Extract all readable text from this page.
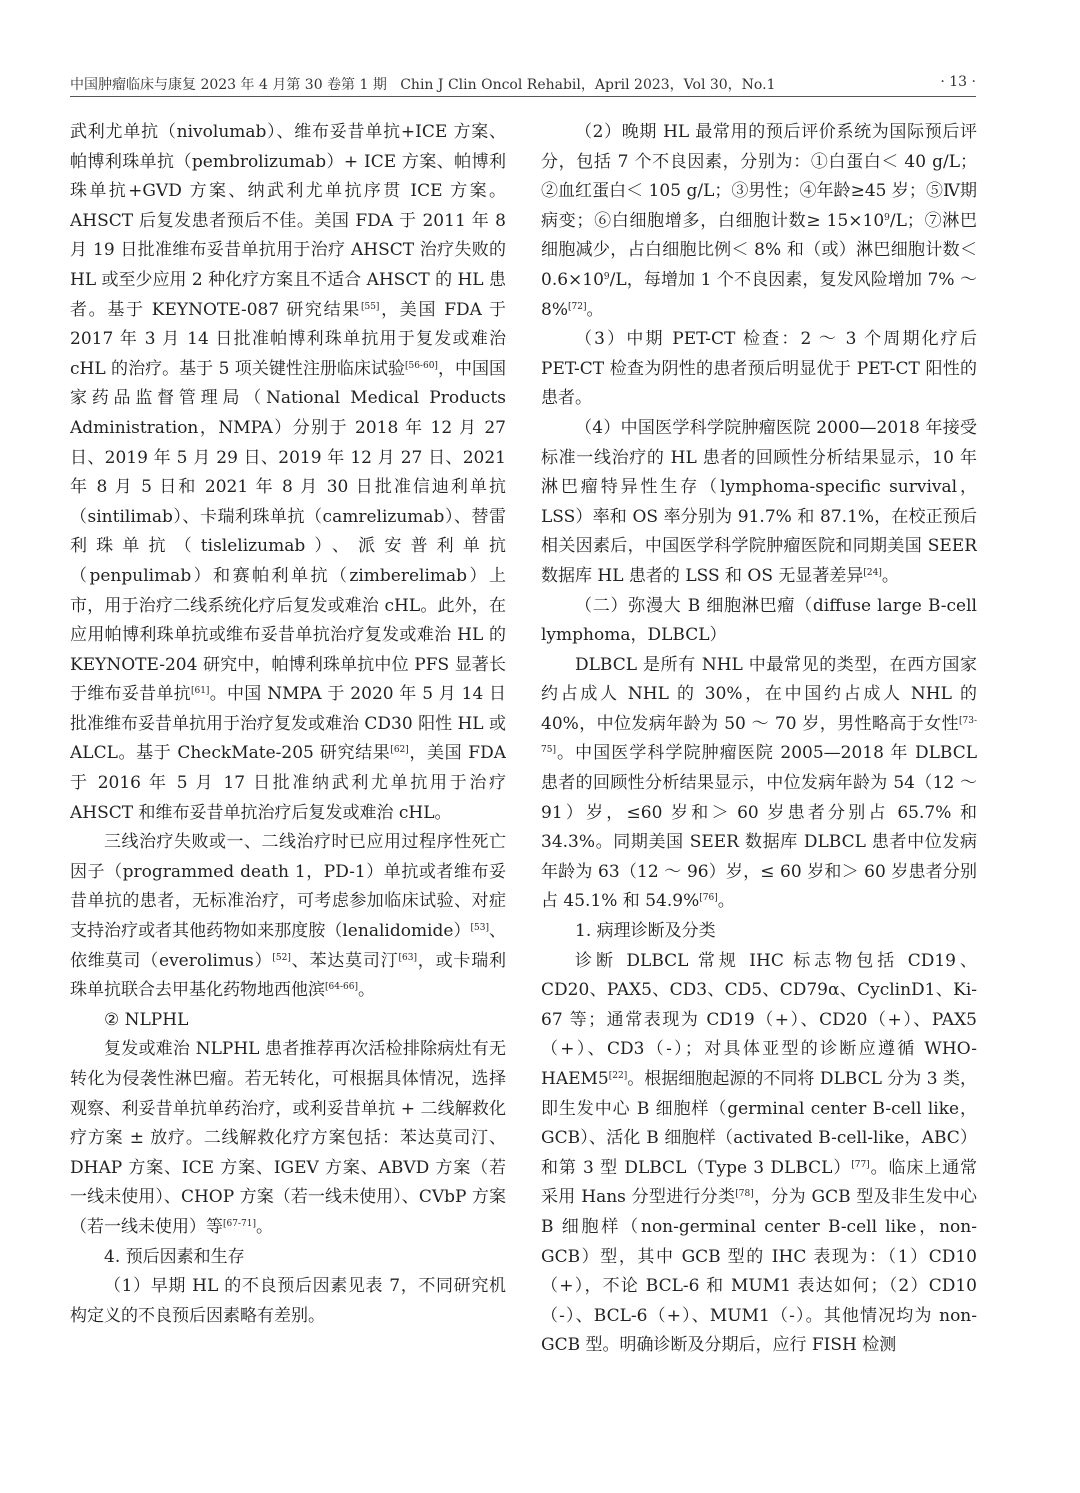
中国肿瘤临床与康复 2023 年 4 月第 30 卷第 1 期 Chin J Clin Oncol Rehabil，April 2023，Vol 30，No.1	· 13 ·

武利尤单抗（nivolumab）、维布妥昔单抗+ICE 方案、帕博利珠单抗（pembrolizumab）+ ICE 方案、帕博利珠单抗+GVD 方案、纳武利尤单抗序贯 ICE 方案。AHSCT 后复发患者预后不佳。美国 FDA 于 2011 年 8 月 19 日批准维布妥昔单抗用于治疗 AHSCT 治疗失败的 HL 或至少应用 2 种化疗方案且不适合 AHSCT 的 HL 患者。基于 KEYNOTE-087 研究结果[55]，美国 FDA 于 2017 年 3 月 14 日批准帕博利珠单抗用于复发或难治 cHL 的治疗。基于 5 项关键性注册临床试验[56-60]，中国国家药品监督管理局（National Medical Products Administration，NMPA）分别于 2018 年 12 月 27 日、2019 年 5 月 29 日、2019 年 12 月 27 日、2021 年 8 月 5 日和 2021 年 8 月 30 日批准信迪利单抗（sintilimab）、卡瑞利珠单抗（camrelizumab）、替雷利珠单抗（tislelizumab）、派安普利单抗（penpulimab）和赛帕利单抗（zimberelimab）上市，用于治疗二线系统化疗后复发或难治 cHL。此外，在应用帕博利珠单抗或维布妥昔单抗治疗复发或难治 HL 的 KEYNOTE-204 研究中，帕博利珠单抗中位 PFS 显著长于维布妥昔单抗[61]。中国 NMPA 于 2020 年 5 月 14 日批准维布妥昔单抗用于治疗复发或难治 CD30 阳性 HL 或 ALCL。基于 CheckMate-205 研究结果[62]，美国 FDA 于 2016 年 5 月 17 日批准纳武利尤单抗用于治疗 AHSCT 和维布妥昔单抗治疗后复发或难治 cHL。

三线治疗失败或一、二线治疗时已应用过程序性死亡因子（programmed death 1，PD-1）单抗或者维布妥昔单抗的患者，无标准治疗，可考虑参加临床试验、对症支持治疗或者其他药物如来那度胺（lenalidomide）[53]、依维莫司（everolimus）[52]、苯达莫司汀[63]，或卡瑞利珠单抗联合去甲基化药物地西他滨[64-66]。

② NLPHL

复发或难治 NLPHL 患者推荐再次活检排除病灶有无转化为侵袭性淋巴瘤。若无转化，可根据具体情况，选择观察、利妥昔单抗单药治疗，或利妥昔单抗 + 二线解救化疗方案 ± 放疗。二线解救化疗方案包括：苯达莫司汀、DHAP 方案、ICE 方案、IGEV 方案、ABVD 方案（若一线未使用）、CHOP 方案（若一线未使用）、CVbP 方案（若一线未使用）等[67-71]。

4. 预后因素和生存

（1）早期 HL 的不良预后因素见表 7，不同研究机构定义的不良预后因素略有差别。

（2）晚期 HL 最常用的预后评价系统为国际预后评分，包括 7 个不良因素，分别为：①白蛋白＜ 40 g/L；②血红蛋白＜ 105 g/L；③男性；④年龄≥45 岁；⑤Ⅳ期病变；⑥白细胞增多，白细胞计数≥ $15\times 10^9/L$；⑦淋巴细胞减少，占白细胞比例＜ 8% 和（或）淋巴细胞计数＜ $0.6\times 10^9/L$，每增加 1 个不良因素，复发风险增加 7% ～ 8%[72]。

（3）中期 PET-CT 检查：2 ～ 3 个周期化疗后 PET-CT 检查为阴性的患者预后明显优于 PET-CT 阳性的患者。

（4）中国医学科学院肿瘤医院 2000—2018 年接受标准一线治疗的 HL 患者的回顾性分析结果显示，10 年淋巴瘤特异性生存（lymphoma-specific survival，LSS）率和 OS 率分别为 91.7% 和 87.1%，在校正预后相关因素后，中国医学科学院肿瘤医院和同期美国 SEER 数据库 HL 患者的 LSS 和 OS 无显著差异[24]。

（二）弥漫大 B 细胞淋巴瘤（diffuse large B-cell lymphoma，DLBCL）

DLBCL 是所有 NHL 中最常见的类型，在西方国家约占成人 NHL 的 30%，在中国约占成人 NHL 的 40%，中位发病年龄为 50 ～ 70 岁，男性略高于女性[73-75]。中国医学科学院肿瘤医院 2005—2018 年 DLBCL 患者的回顾性分析结果显示，中位发病年龄为 54（12 ～ 91）岁，≤60 岁和＞ 60 岁患者分别占 65.7% 和 34.3%。同期美国 SEER 数据库 DLBCL 患者中位发病年龄为 63（12 ～ 96）岁，≤ 60 岁和＞ 60 岁患者分别占 45.1% 和 54.9%[76]。

1. 病理诊断及分类

诊断 DLBCL 常规 IHC 标志物包括 CD19、CD20、PAX5、CD3、CD5、CD79α、CyclinD1、Ki-67 等；通常表现为 CD19（+）、CD20（+）、PAX5（+）、CD3（-）；对具体亚型的诊断应遵循 WHO-HAEM5[22]。根据细胞起源的不同将 DLBCL 分为 3 类，即生发中心 B 细胞样（germinal center B-cell like，GCB）、活化 B 细胞样（activated B-cell-like，ABC）和第 3 型 DLBCL（Type 3 DLBCL）[77]。临床上通常采用 Hans 分型进行分类[78]，分为 GCB 型及非生发中心 B 细胞样（non-germinal center B-cell like，non-GCB）型，其中 GCB 型的 IHC 表现为：（1）CD10（+），不论 BCL-6 和 MUM1 表达如何；（2）CD10（-）、BCL-6（+）、MUM1（-）。其他情况均为 non-GCB 型。明确诊断及分期后，应行 FISH 检测
